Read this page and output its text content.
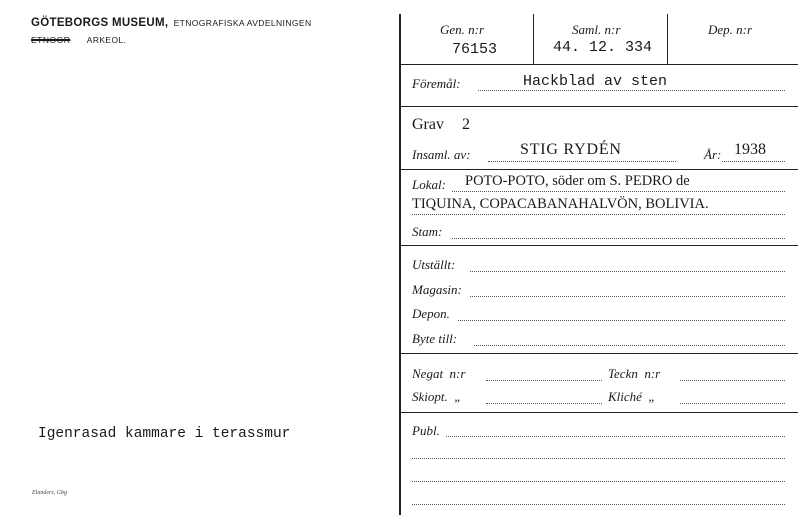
GÖTEBORGS MUSEUM, ETNOGRAFISKA AVDELNINGEN
ETNOGR ARKEOL.
Igenrasad kammare i terassmur
Elanders, Gbg
Gen. n:r
76153
Saml. n:r
44. 12. 334
Dep. n:r
Föremål:	Hackblad av sten
Grav 2
Insaml. av:	STIG RYDÉN	År: 1938
Lokal: POTO-POTO, söder om S. PEDRO de
TIQUINA, COPACABANAHALVÖN, BOLIVIA.
Stam:
Utställt:
Magasin:
Depon.
Byte till:
Negat  n:r	Teckn  n:r
Skiopt.  „	Kliché  „
Publ.
